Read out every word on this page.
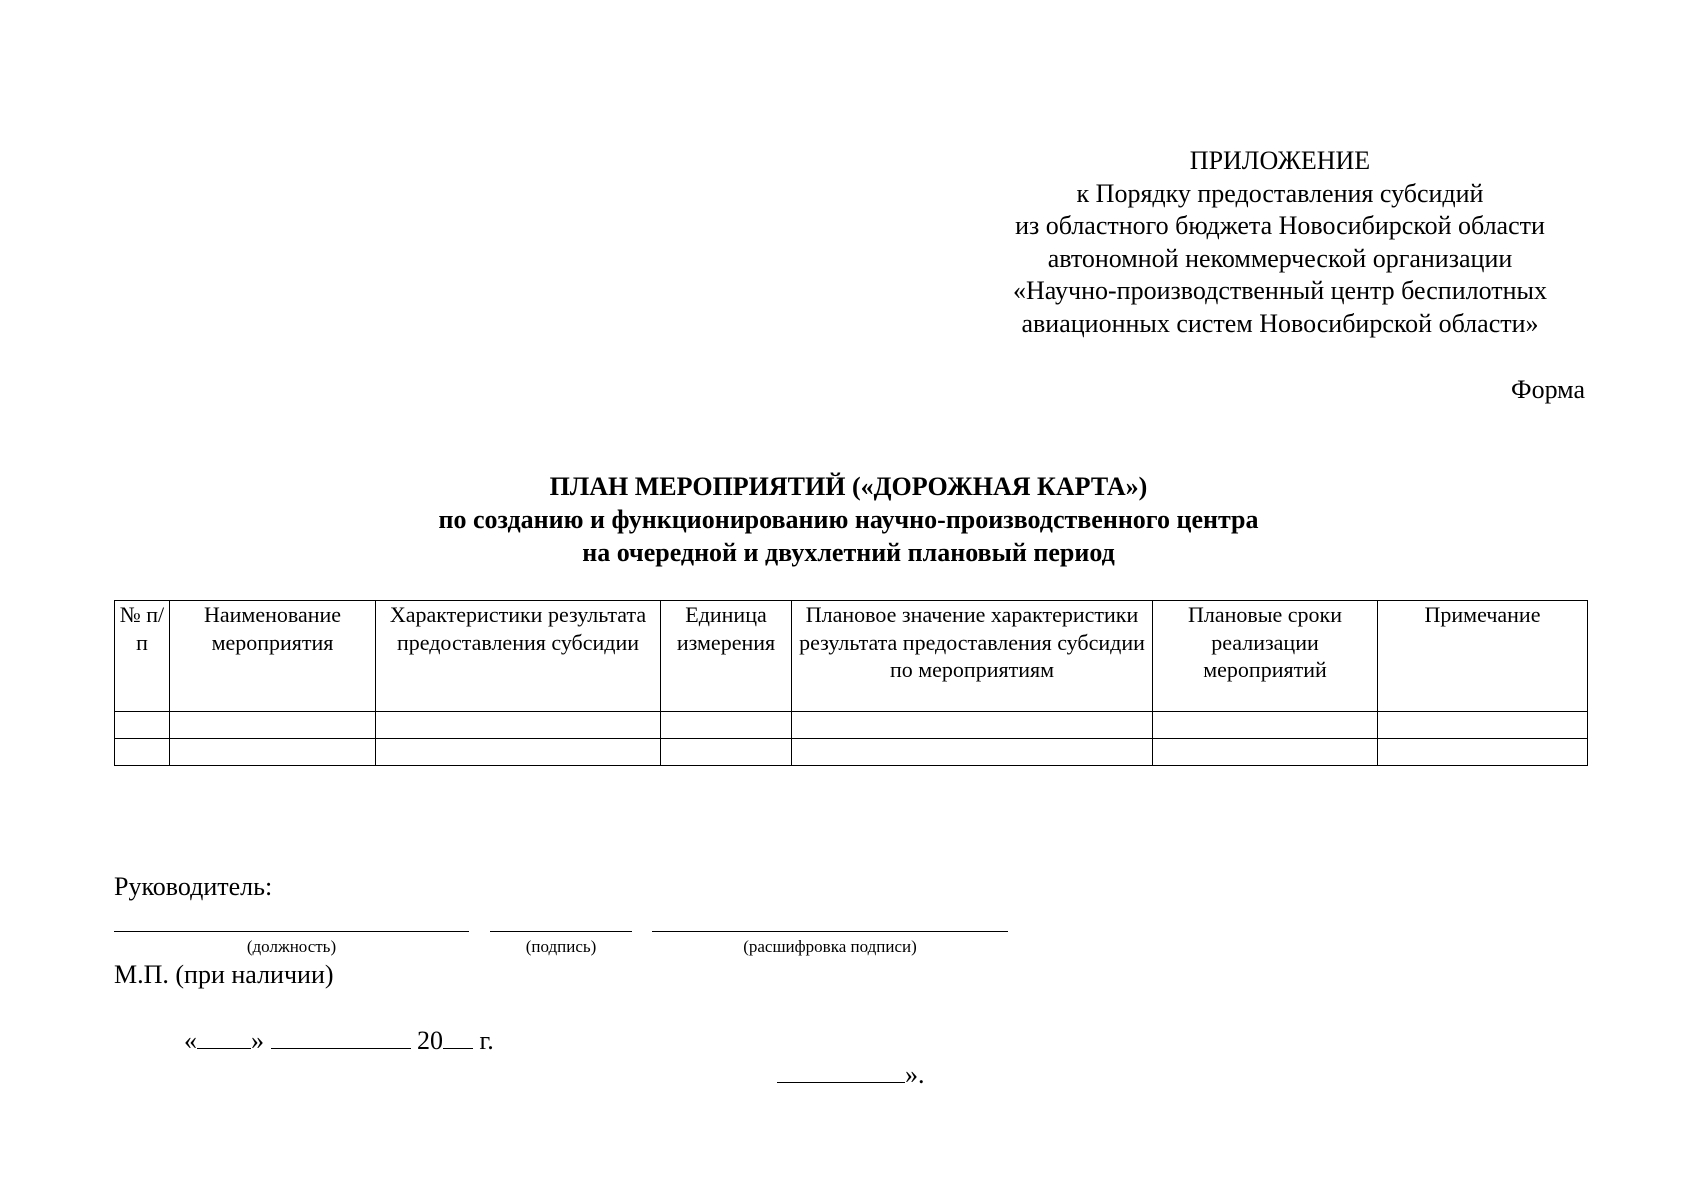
ПРИЛОЖЕНИЕ
к Порядку предоставления субсидий
из областного бюджета Новосибирской области
автономной некоммерческой организации
«Научно-производственный центр беспилотных
авиационных систем Новосибирской области»
Форма
ПЛАН МЕРОПРИЯТИЙ («ДОРОЖНАЯ КАРТА»)
по созданию и функционированию научно-производственного центра
на очередной и двухлетний плановый период
№ п/п	Наименование мероприятия	Характеристики результата предоставления субсидии	Единица измерения	Плановое значение характеристики результата предоставления субсидии по мероприятиям	Плановые сроки реализации мероприятий	Примечание

Руководитель:
(должность)	(подпись)	(расшифровка подписи)
М.П. (при наличии)
« »	20 г.
».
